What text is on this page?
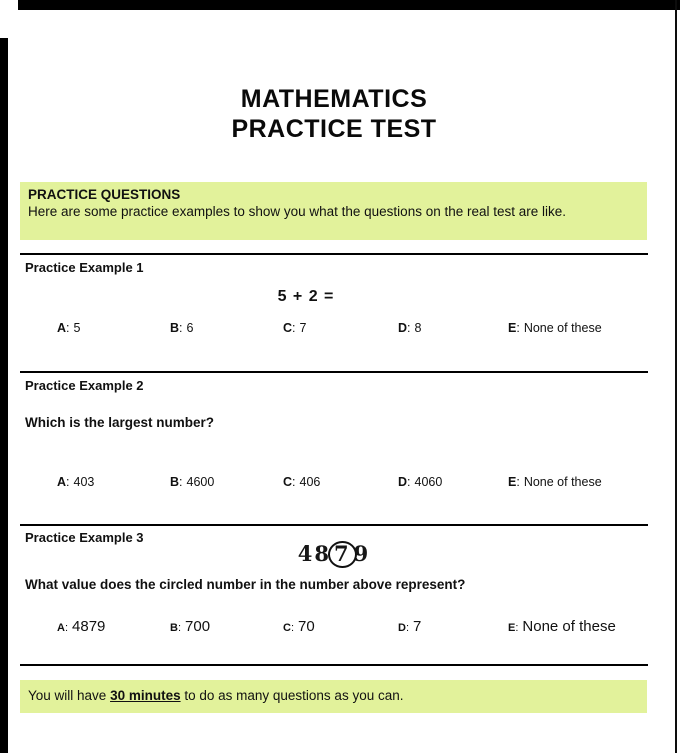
MATHEMATICS
PRACTICE TEST
PRACTICE QUESTIONS
Here are some practice examples to show you what the questions on the real test are like.
Practice Example 1
5 + 2 =
A: 5	B: 6	C: 7	D: 8	E: None of these
Practice Example 2
Which is the largest number?
A: 403	B: 4600	C: 406	D: 4060	E: None of these
Practice Example 3
48 7 9
What value does the circled number in the number above represent?
A: 4879	B: 700	C: 70	D: 7	E: None of these
You will have 30 minutes to do as many questions as you can.
